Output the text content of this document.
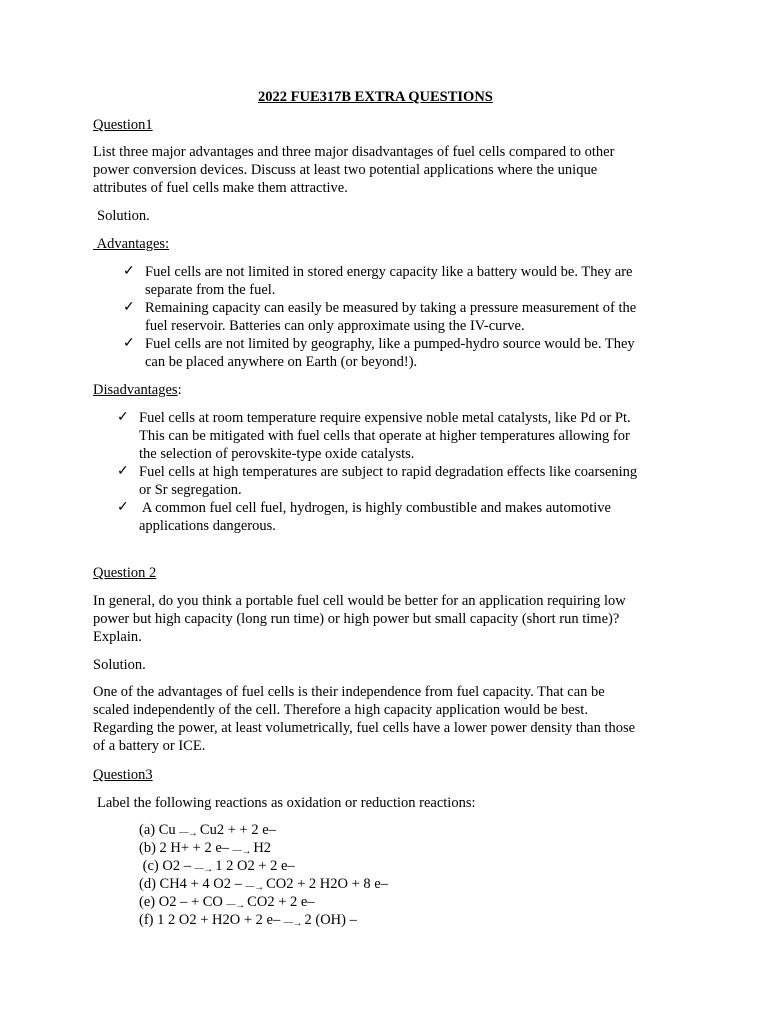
2022 FUE317B EXTRA QUESTIONS
Question1
List three major advantages and three major disadvantages of fuel cells compared to other
power conversion devices. Discuss at least two potential applications where the unique
attributes of fuel cells make them attractive.
Solution.
Advantages:
✓ Fuel cells are not limited in stored energy capacity like a battery would be. They are
separate from the fuel.
✓ Remaining capacity can easily be measured by taking a pressure measurement of the
fuel reservoir. Batteries can only approximate using the IV-curve.
✓ Fuel cells are not limited by geography, like a pumped-hydro source would be. They
can be placed anywhere on Earth (or beyond!).
Disadvantages:
✓ Fuel cells at room temperature require expensive noble metal catalysts, like Pd or Pt.
This can be mitigated with fuel cells that operate at higher temperatures allowing for
the selection of perovskite-type oxide catalysts.
✓ Fuel cells at high temperatures are subject to rapid degradation effects like coarsening
or Sr segregation.
✓ A common fuel cell fuel, hydrogen, is highly combustible and makes automotive
applications dangerous.
Question 2
In general, do you think a portable fuel cell would be better for an application requiring low
power but high capacity (long run time) or high power but small capacity (short run time)?
Explain.
Solution.
One of the advantages of fuel cells is their independence from fuel capacity. That can be
scaled independently of the cell. Therefore a high capacity application would be best.
Regarding the power, at least volumetrically, fuel cells have a lower power density than those
of a battery or ICE.
Question3
Label the following reactions as oxidation or reduction reactions:
(a) Cu −−→ Cu2 + + 2 e–
(b) 2 H+ + 2 e– −−→ H2
(c) O2 – −−→ 1 2 O2 + 2 e–
(d) CH4 + 4 O2 – −−→ CO2 + 2 H2O + 8 e–
(e) O2 – + CO −−→ CO2 + 2 e–
(f) 1 2 O2 + H2O + 2 e– −−→ 2 (OH) –
